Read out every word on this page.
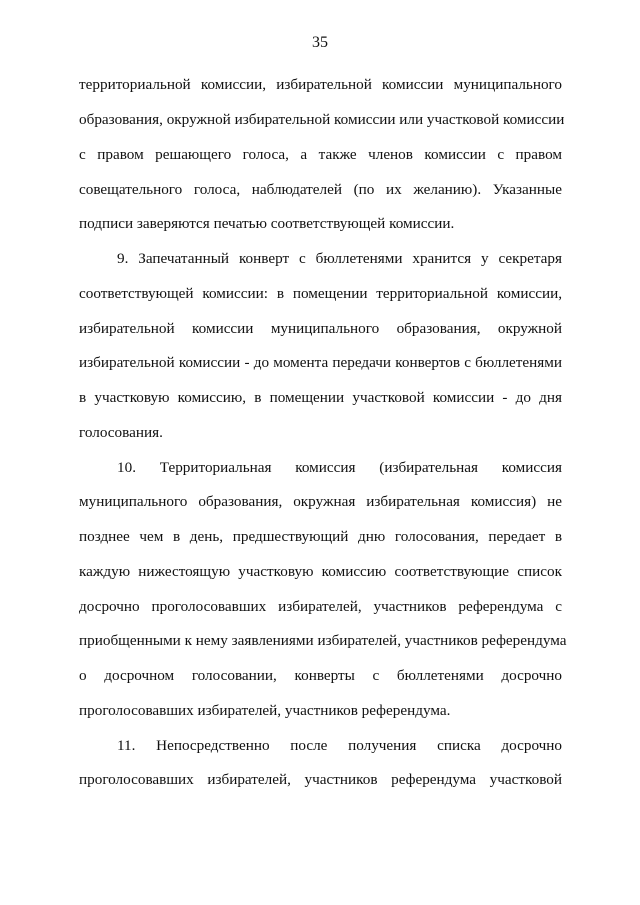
35
территориальной комиссии, избирательной комиссии муниципального
образования, окружной избирательной комиссии или участковой комиссии
с правом решающего голоса, а также членов комиссии с правом
совещательного голоса, наблюдателей (по их желанию). Указанные
подписи заверяются печатью соответствующей комиссии.
9. Запечатанный конверт с бюллетенями хранится у секретаря
соответствующей комиссии: в помещении территориальной комиссии,
избирательной комиссии муниципального образования, окружной
избирательной комиссии - до момента передачи конвертов с бюллетенями
в участковую комиссию, в помещении участковой комиссии - до дня
голосования.
10. Территориальная комиссия (избирательная комиссия
муниципального образования, окружная избирательная комиссия) не
позднее чем в день, предшествующий дню голосования, передает в
каждую нижестоящую участковую комиссию соответствующие список
досрочно проголосовавших избирателей, участников референдума с
приобщенными к нему заявлениями избирателей, участников референдума
о досрочном голосовании, конверты с бюллетенями досрочно
проголосовавших избирателей, участников референдума.
11. Непосредственно после получения списка досрочно
проголосовавших избирателей, участников референдума участковой
